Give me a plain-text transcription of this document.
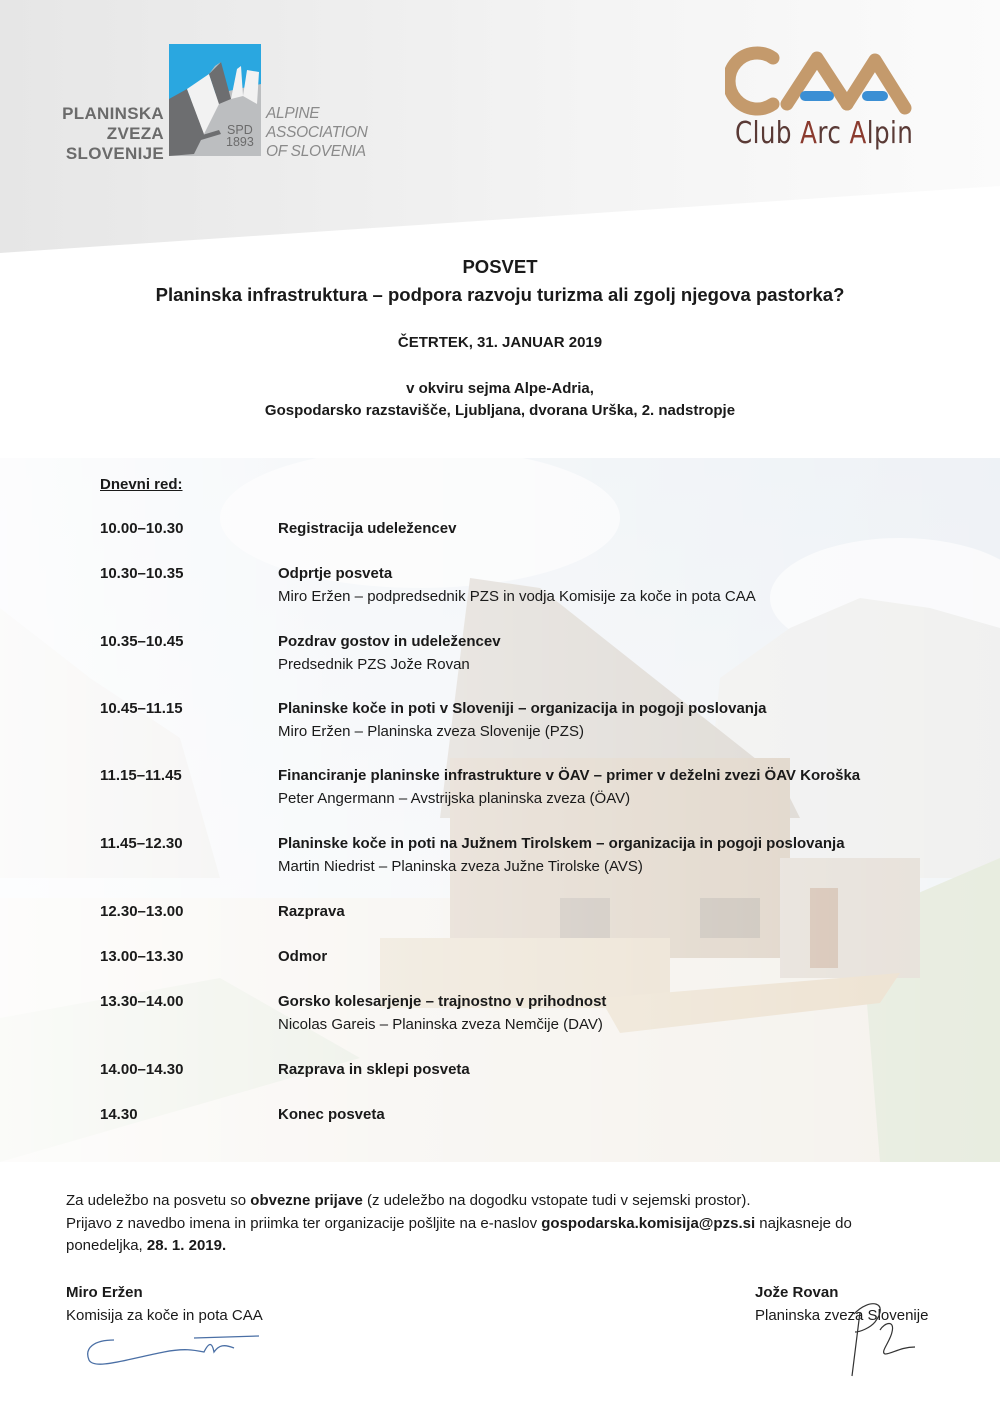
PLANINSKA
ZVEZA
SLOVENIJE
SPD
1893
ALPINE
ASSOCIATION
OF SLOVENIA
Club Arc Alpin
POSVET
Planinska infrastruktura – podpora razvoju turizma ali zgolj njegova pastorka?
ČETRTEK, 31. JANUAR 2019
v okviru sejma Alpe-Adria,
Gospodarsko razstavišče, Ljubljana, dvorana Urška, 2. nadstropje
Dnevni red:
10.00–10.30	Registracija udeležencev
10.30–10.35	Odprtje posveta
Miro Eržen – podpredsednik PZS in vodja Komisije za koče in pota CAA
10.35–10.45	Pozdrav gostov in udeležencev
Predsednik PZS Jože Rovan
10.45–11.15	Planinske koče in poti v Sloveniji – organizacija in pogoji poslovanja
Miro Eržen – Planinska zveza Slovenije (PZS)
11.15–11.45	Financiranje planinske infrastrukture v ÖAV – primer v deželni zvezi ÖAV Koroška
Peter Angermann – Avstrijska planinska zveza (ÖAV)
11.45–12.30	Planinske koče in poti na Južnem Tirolskem – organizacija in pogoji poslovanja
Martin Niedrist – Planinska zveza Južne Tirolske (AVS)
12.30–13.00	Razprava
13.00–13.30	Odmor
13.30–14.00	Gorsko kolesarjenje – trajnostno v prihodnost
Nicolas Gareis – Planinska zveza Nemčije (DAV)
14.00–14.30	Razprava in sklepi posveta
14.30	Konec posveta
Za udeležbo na posvetu so obvezne prijave (z udeležbo na dogodku vstopate tudi v sejemski prostor).
Prijavo z navedbo imena in priimka ter organizacije pošljite na e-naslov gospodarska.komisija@pzs.si najkasneje do
ponedeljka, 28. 1. 2019.
Miro Eržen
Komisija za koče in pota CAA
Jože Rovan
Planinska zveza Slovenije
